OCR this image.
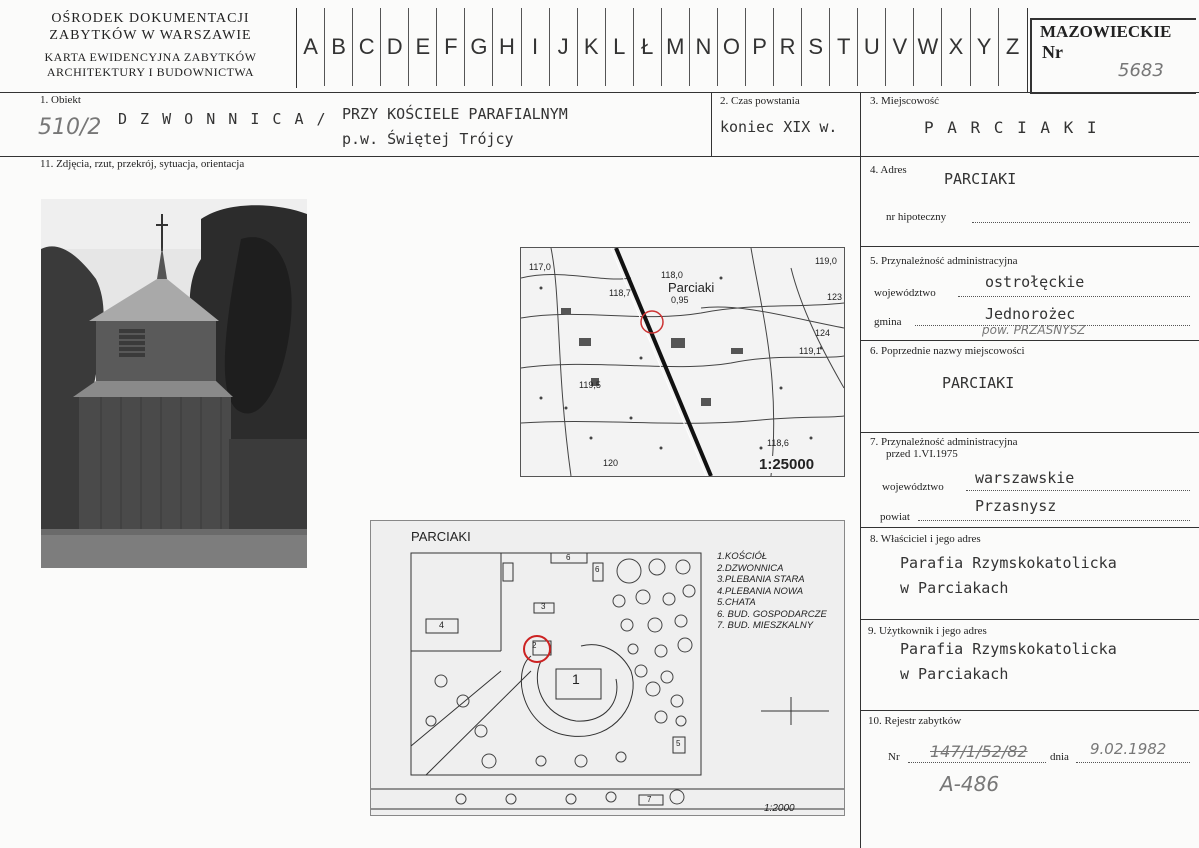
OŚRODEK DOKUMENTACJI
ZABYTKÓW W WARSZAWIE
KARTA EWIDENCYJNA ZABYTKÓW
ARCHITEKTURY I BUDOWNICTWA
A B C D E F G H I J K L Ł M N O P R S T U V W X Y Z
MAZOWIECKIE
Nr
5683
1. Obiekt
510/2 D Z W O N N I C A / PRZY KOŚCIELE PARAFIALNYM
p.w. Świętej Trójcy
2. Czas powstania
koniec XIX w.
3. Miejscowość
P A R C I A K I
11. Zdjęcia, rzut, przekrój, sytuacja, orientacja
Parciaki
117,0
118,0
118,7
0,95
119,0
123
124
119,1
119,5
118,6
120	1:25000
PARCIAKI
1:2000
1.KOŚCIÓŁ
2.DZWONNICA
3.PLEBANIA STARA
4.PLEBANIA NOWA
5.CHATA
6. BUD. GOSPODARCZE
7. BUD. MIESZKALNY
1
2
3
4
5
6
6
7
4. Adres PARCIAKI
nr hipoteczny
5. Przynależność administracyjna
województwo
ostrołęckie
gmina	Jednorożec
pow. PRZASNYSZ
6. Poprzednie nazwy miejscowości
PARCIAKI
7. Przynależność administracyjna
przed 1.VI.1975
województwo warszawskie
powiat
Przasnysz
8. Właściciel i jego adres
Parafia Rzymskokatolicka
w Parciakach
9. Użytkownik i jego adres
Parafia Rzymskokatolicka
w Parciakach
10. Rejestr zabytków
Nr 147/1/52/82 dnia 9.02.1982
A-486
